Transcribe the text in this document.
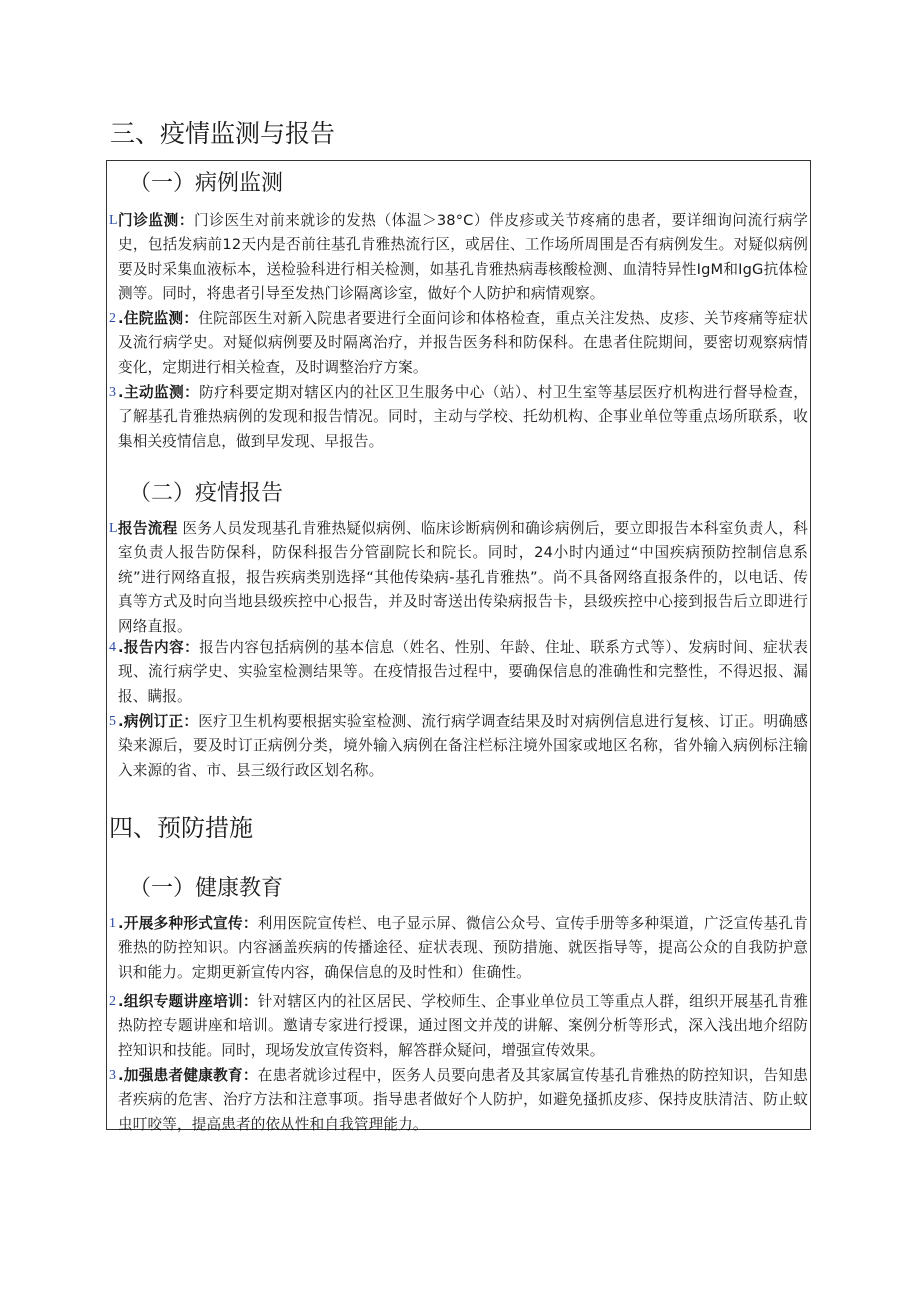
三、疫情监测与报告
（一）病例监测
L 门诊监测：门诊医生对前来就诊的发热（体温＞38°C）伴皮疹或关节疼痛的患者，要详细询问流行病学史，包括发病前12天内是否前往基孔肯雅热流行区，或居住、工作场所周围是否有病例发生。对疑似病例要及时采集血液标本，送检验科进行相关检测，如基孔肯雅热病毒核酸检测、血清特异性IgM和IgG抗体检测等。同时，将患者引导至发热门诊隔离诊室，做好个人防护和病情观察。

2 .住院监测：住院部医生对新入院患者要进行全面问诊和体格检查，重点关注发热、皮疹、关节疼痛等症状及流行病学史。对疑似病例要及时隔离治疗，并报告医务科和防保科。在患者住院期间，要密切观察病情变化，定期进行相关检查，及时调整治疗方案。

3 .主动监测：防疗科要定期对辖区内的社区卫生服务中心（站）、村卫生室等基层医疗机构进行督导检查，了解基孔肯雅热病例的发现和报告情况。同时，主动与学校、托幼机构、企事业单位等重点场所联系，收集相关疫情信息，做到早发现、早报告。

（二）疫情报告
L 报告流程 医务人员发现基孔肯雅热疑似病例、临床诊断病例和确诊病例后，要立即报告本科室负责人，科室负责人报告防保科，防保科报告分管副院长和院长。同时，24小时内通过“中国疾病预防控制信息系统”进行网络直报，报告疾病类别选择“其他传染病-基孔肯雅热”。尚不具备网络直报条件的，以电话、传真等方式及时向当地县级疾控中心报告，并及时寄送出传染病报告卡，县级疾控中心接到报告后立即进行网络直报。

4 .报告内容：报告内容包括病例的基本信息（姓名、性别、年龄、住址、联系方式等）、发病时间、症状表现、流行病学史、实验室检测结果等。在疫情报告过程中，要确保信息的准确性和完整性，不得迟报、漏报、瞒报。

5 .病例订正：医疗卫生机构要根据实验室检测、流行病学调查结果及时对病例信息进行复核、订正。明确感染来源后，要及时订正病例分类，境外输入病例在备注栏标注境外国家或地区名称，省外输入病例标注输入来源的省、市、县三级行政区划名称。

四、预防措施
（一）健康教育
1 .开展多种形式宣传：利用医院宣传栏、电子显示屏、微信公众号、宣传手册等多种渠道，广泛宣传基孔肯雅热的防控知识。内容涵盖疾病的传播途径、症状表现、预防措施、就医指导等，提高公众的自我防护意识和能力。定期更新宣传内容，确保信息的及时性和）隹确性。

2 .组织专题讲座培训：针对辖区内的社区居民、学校师生、企事业单位员工等重点人群，组织开展基孔肯雅热防控专题讲座和培训。邀请专家进行授课，通过图文并茂的讲解、案例分析等形式，深入浅出地介绍防控知识和技能。同时，现场发放宣传资料，解答群众疑问，增强宣传效果。

3 .加强患者健康教育：在患者就诊过程中，医务人员要向患者及其家属宣传基孔肯雅热的防控知识，告知患者疾病的危害、治疗方法和注意事项。指导患者做好个人防护，如避免搔抓皮疹、保持皮肤清洁、防止蚊虫叮咬等，提高患者的依从性和自我管理能力。
